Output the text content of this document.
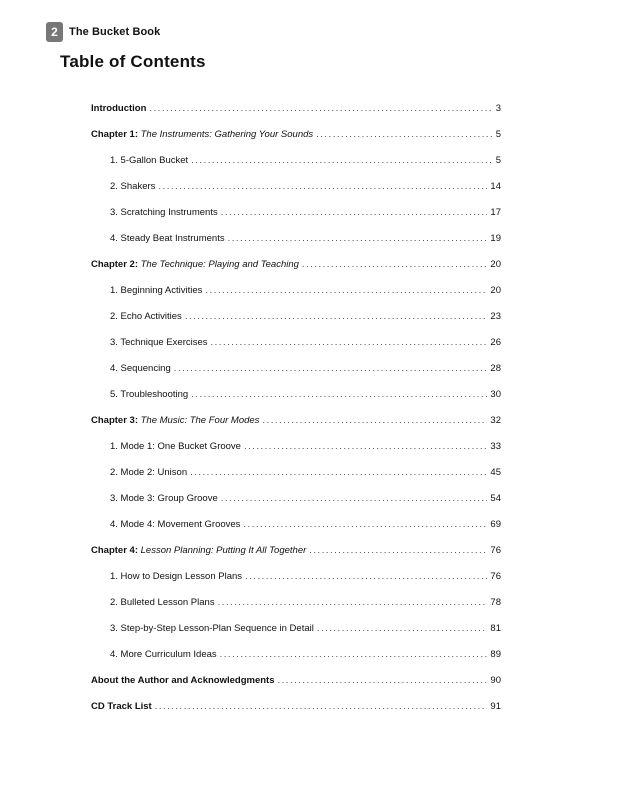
2	The Bucket Book
Table of Contents
Introduction .....	3
Chapter 1: The Instruments: Gathering Your Sounds .....	5
1. 5-Gallon Bucket .....	5
2. Shakers .....	14
3. Scratching Instruments .....	17
4. Steady Beat Instruments .....	19
Chapter 2: The Technique: Playing and Teaching .....	20
1. Beginning Activities .....	20
2. Echo Activities .....	23
3. Technique Exercises .....	26
4. Sequencing .....	28
5. Troubleshooting .....	30
Chapter 3: The Music: The Four Modes .....	32
1. Mode 1: One Bucket Groove .....	33
2. Mode 2: Unison .....	45
3. Mode 3: Group Groove .....	54
4. Mode 4: Movement Grooves .....	69
Chapter 4: Lesson Planning: Putting It All Together .....	76
1. How to Design Lesson Plans .....	76
2. Bulleted Lesson Plans .....	78
3. Step-by-Step Lesson-Plan Sequence in Detail .....	81
4. More Curriculum Ideas .....	89
About the Author and Acknowledgments .....	90
CD Track List .....	91
